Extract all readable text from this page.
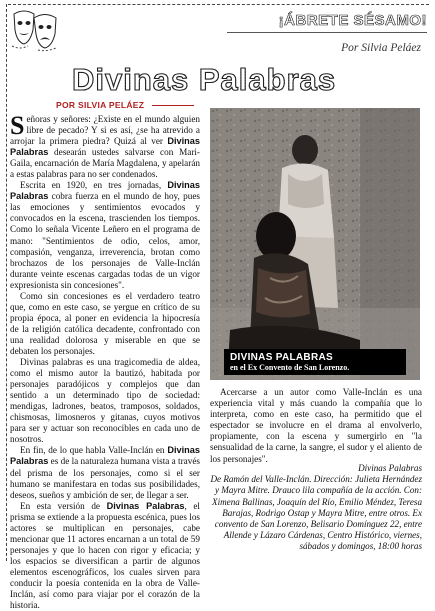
¡ÁBRETE SÉSAMO!
Por Silvia Peláez
Divinas Palabras
POR SILVIA PELÁEZ

Señoras y señores: ¿Existe en el mundo alguien libre de pecado? Y si es así, ¿se ha atrevido a arrojar la primera piedra? Quizá al ver Divinas Palabras desearán ustedes salvarse con Mari-Gaila, encarnación de María Magdalena, y apelarán a estas palabras para no ser condenados.

Escrita en 1920, en tres jornadas, Divinas Palabras cobra fuerza en el mundo de hoy, pues las emociones y sentimientos evocados y convocados en la escena, trascienden los tiempos. Como lo señala Vicente Leñero en el programa de mano: "Sentimientos de odio, celos, amor, compasión, venganza, irreverencia, brotan como brochazos de los personajes de Valle-Inclán durante veinte escenas cargadas todas de un vigor expresionista sin concesiones".

Como sin concesiones es el verdadero teatro que, como en este caso, se yergue en crítico de su propia época, al poner en evidencia la hipocresía de la religión católica decadente, confrontado con una realidad dolorosa y miserable en que se debaten los personajes.

Divinas palabras es una tragicomedia de aldea, como el mismo autor la bautizó, habitada por personajes paradójicos y complejos que dan sentido a un determinado tipo de sociedad: mendigas, ladrones, beatos, tramposos, soldados, chismosas, limosneros y gitanas, cuyos motivos para ser y actuar son reconocibles en cada uno de nosotros.

En fin, de lo que habla Valle-Inclán en Divinas Palabras es de la naturaleza humana vista a través del prisma de los personajes, como si el ser humano se manifestara en todas sus posibilidades, deseos, sueños y ambición de ser, de llegar a ser.

En esta versión de Divinas Palabras, el prisma se extiende a la propuesta escénica, pues los actores se multiplican en personajes, cabe mencionar que 11 actores encarnan a un total de 59 personajes y que lo hacen con rigor y eficacia; y los espacios se diversifican a partir de algunos elementos escenográficos, los cuales sirven para conducir la poesía contenida en la obra de Valle-Inclán, así como para viajar por el corazón de la historia.

DIVINAS PALABRAS
en el Ex Convento de San Lorenzo.

Acercarse a un autor como Valle-Inclán es una experiencia vital y más cuando la compañía que lo interpreta, como en este caso, ha permitido que el espectador se involucre en el drama al envolverlo, propiamente, con la escena y sumergirlo en "la sensualidad de la carne, la sangre, el sudor y el aliento de los personajes".

Divinas Palabras
De Ramón del Valle-Inclán. Dirección: Julieta Hernández y Mayra Mitre. Drauco lila compañía de la acción. Con: Ximena Ballinas, Joaquín del Río, Emilio Méndez, Teresa Barajas, Rodrigo Ostap y Mayra Mitre, entre otros. Ex convento de San Lorenzo, Belisario Domínguez 22, entre Allende y Lázaro Cárdenas, Centro Histórico, viernes, sábados y domingos, 18:00 horas
